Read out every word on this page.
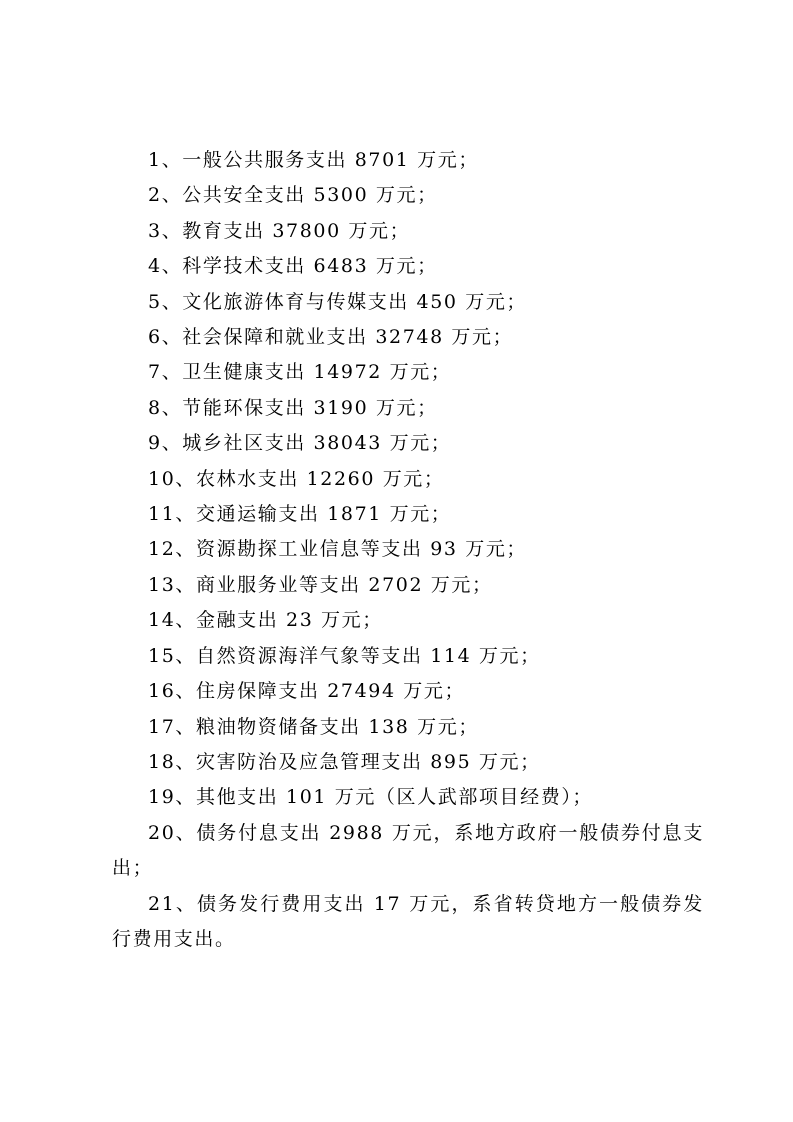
1、一般公共服务支出 8701 万元；

2、公共安全支出 5300 万元；

3、教育支出 37800 万元；

4、科学技术支出 6483 万元；

5、文化旅游体育与传媒支出 450 万元；

6、社会保障和就业支出 32748 万元；

7、卫生健康支出 14972 万元；

8、节能环保支出 3190 万元；

9、城乡社区支出 38043 万元；

10、农林水支出 12260 万元；

11、交通运输支出 1871 万元；

12、资源勘探工业信息等支出 93 万元；

13、商业服务业等支出 2702 万元；

14、金融支出 23 万元；

15、自然资源海洋气象等支出 114 万元；

16、住房保障支出 27494 万元；

17、粮油物资储备支出 138 万元；

18、灾害防治及应急管理支出 895 万元；

19、其他支出 101 万元（区人武部项目经费）；

20、债务付息支出 2988 万元，系地方政府一般债券付息支出；

21、债务发行费用支出 17 万元，系省转贷地方一般债券发行费用支出。
